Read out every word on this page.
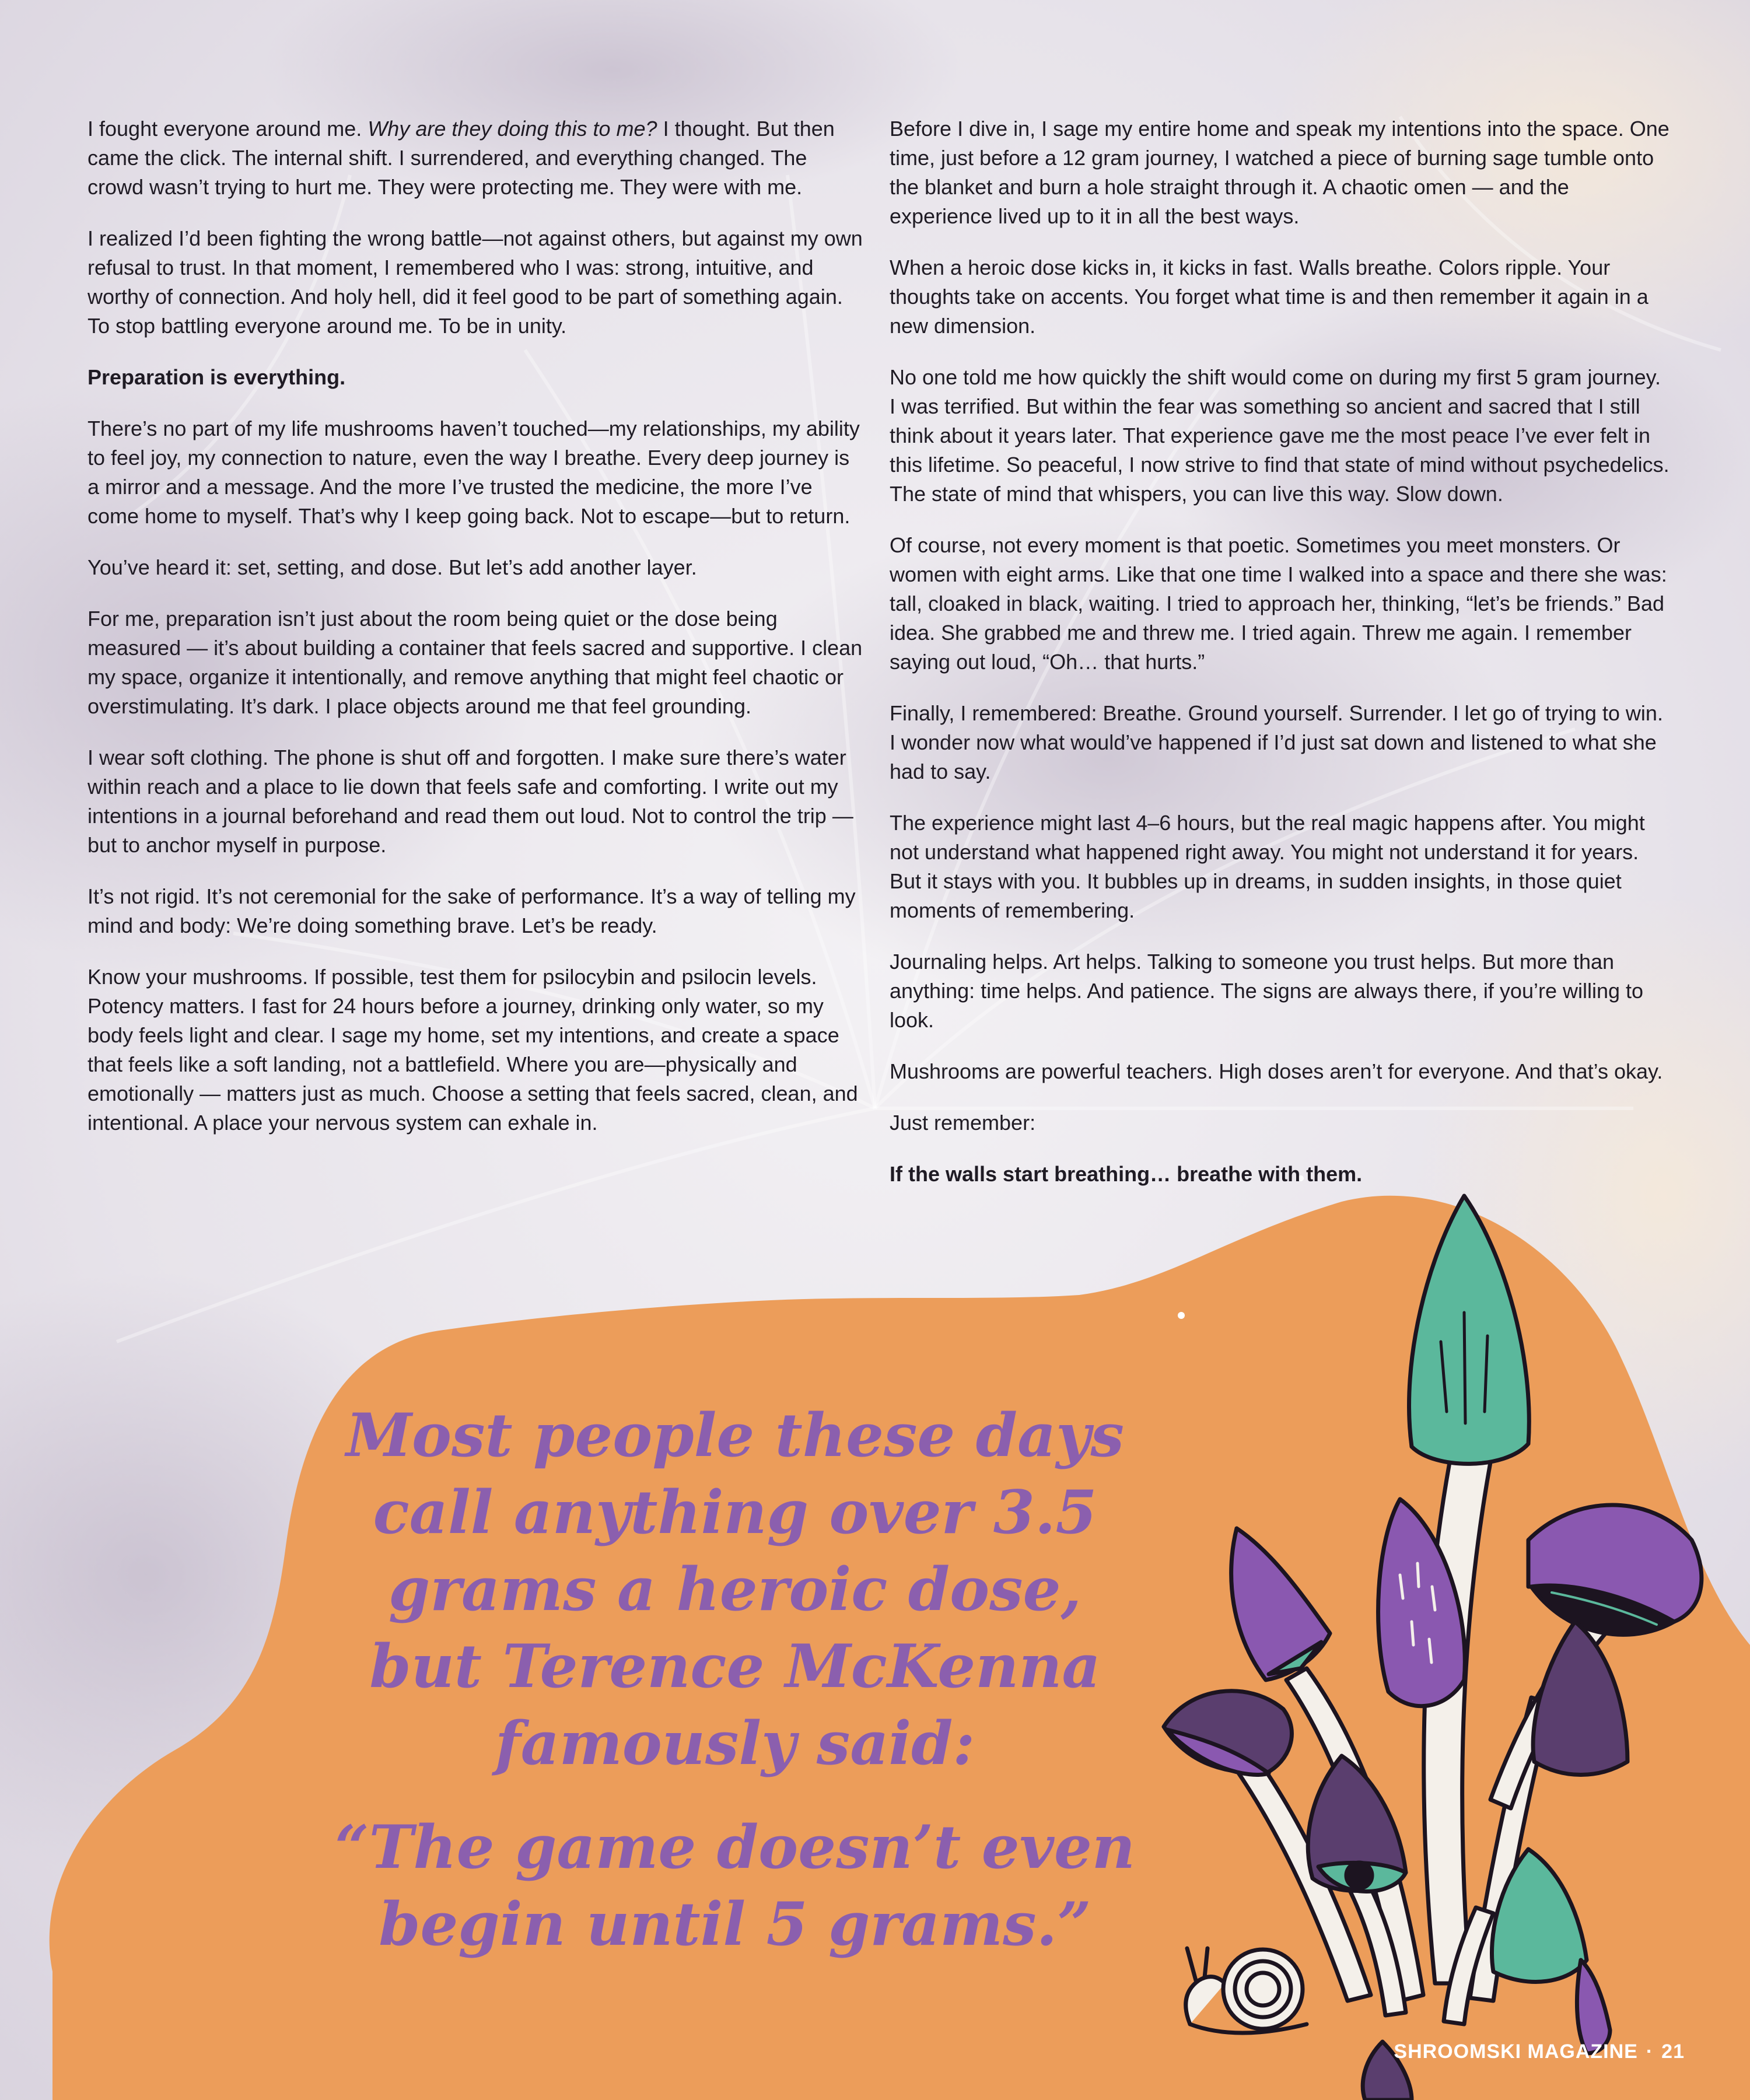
I fought everyone around me. Why are they doing this to me? I thought. But then came the click. The internal shift. I surrendered, and everything changed. The crowd wasn’t trying to hurt me. They were protecting me. They were with me.

I realized I’d been fighting the wrong battle—not against others, but against my own refusal to trust. In that moment, I remembered who I was: strong, intuitive, and worthy of connection. And holy hell, did it feel good to be part of something again. To stop battling everyone around me. To be in unity.

Preparation is everything.

There’s no part of my life mushrooms haven’t touched—my relationships, my ability to feel joy, my connection to nature, even the way I breathe. Every deep journey is a mirror and a message. And the more I’ve trusted the medicine, the more I’ve come home to myself. That’s why I keep going back. Not to escape—but to return.

You’ve heard it: set, setting, and dose. But let’s add another layer.

For me, preparation isn’t just about the room being quiet or the dose being measured — it’s about building a container that feels sacred and supportive. I clean my space, organize it intentionally, and remove anything that might feel chaotic or overstimulating. It’s dark. I place objects around me that feel grounding.

I wear soft clothing. The phone is shut off and forgotten. I make sure there’s water within reach and a place to lie down that feels safe and comforting. I write out my intentions in a journal beforehand and read them out loud. Not to control the trip — but to anchor myself in purpose.

It’s not rigid. It’s not ceremonial for the sake of performance. It’s a way of telling my mind and body: We’re doing something brave. Let’s be ready.

Know your mushrooms. If possible, test them for psilocybin and psilocin levels. Potency matters. I fast for 24 hours before a journey, drinking only water, so my body feels light and clear. I sage my home, set my intentions, and create a space that feels like a soft landing, not a battlefield. Where you are—physically and emotionally — matters just as much. Choose a setting that feels sacred, clean, and intentional. A place your nervous system can exhale in.

Before I dive in, I sage my entire home and speak my intentions into the space. One time, just before a 12 gram journey, I watched a piece of burning sage tumble onto the blanket and burn a hole straight through it. A chaotic omen — and the experience lived up to it in all the best ways.

When a heroic dose kicks in, it kicks in fast. Walls breathe. Colors ripple. Your thoughts take on accents. You forget what time is and then remember it again in a new dimension.

No one told me how quickly the shift would come on during my first 5 gram journey. I was terrified. But within the fear was something so ancient and sacred that I still think about it years later. That experience gave me the most peace I’ve ever felt in this lifetime. So peaceful, I now strive to find that state of mind without psychedelics. The state of mind that whispers, you can live this way. Slow down.

Of course, not every moment is that poetic. Sometimes you meet monsters. Or women with eight arms. Like that one time I walked into a space and there she was: tall, cloaked in black, waiting. I tried to approach her, thinking, “let’s be friends.” Bad idea. She grabbed me and threw me. I tried again. Threw me again. I remember saying out loud, “Oh… that hurts.”

Finally, I remembered: Breathe. Ground yourself. Surrender. I let go of trying to win. I wonder now what would’ve happened if I’d just sat down and listened to what she had to say.

The experience might last 4–6 hours, but the real magic happens after. You might not understand what happened right away. You might not understand it for years. But it stays with you. It bubbles up in dreams, in sudden insights, in those quiet moments of remembering.

Journaling helps. Art helps. Talking to someone you trust helps. But more than anything: time helps. And patience. The signs are always there, if you’re willing to look.

Mushrooms are powerful teachers. High doses aren’t for everyone. And that’s okay.

Just remember:

If the walls start breathing… breathe with them.

Most people these days call anything over 3.5 grams a heroic dose, but Terence McKenna famously said:
“The game doesn’t even begin until 5 grams.”
SHROOMSKI MAGAZINE · 21
